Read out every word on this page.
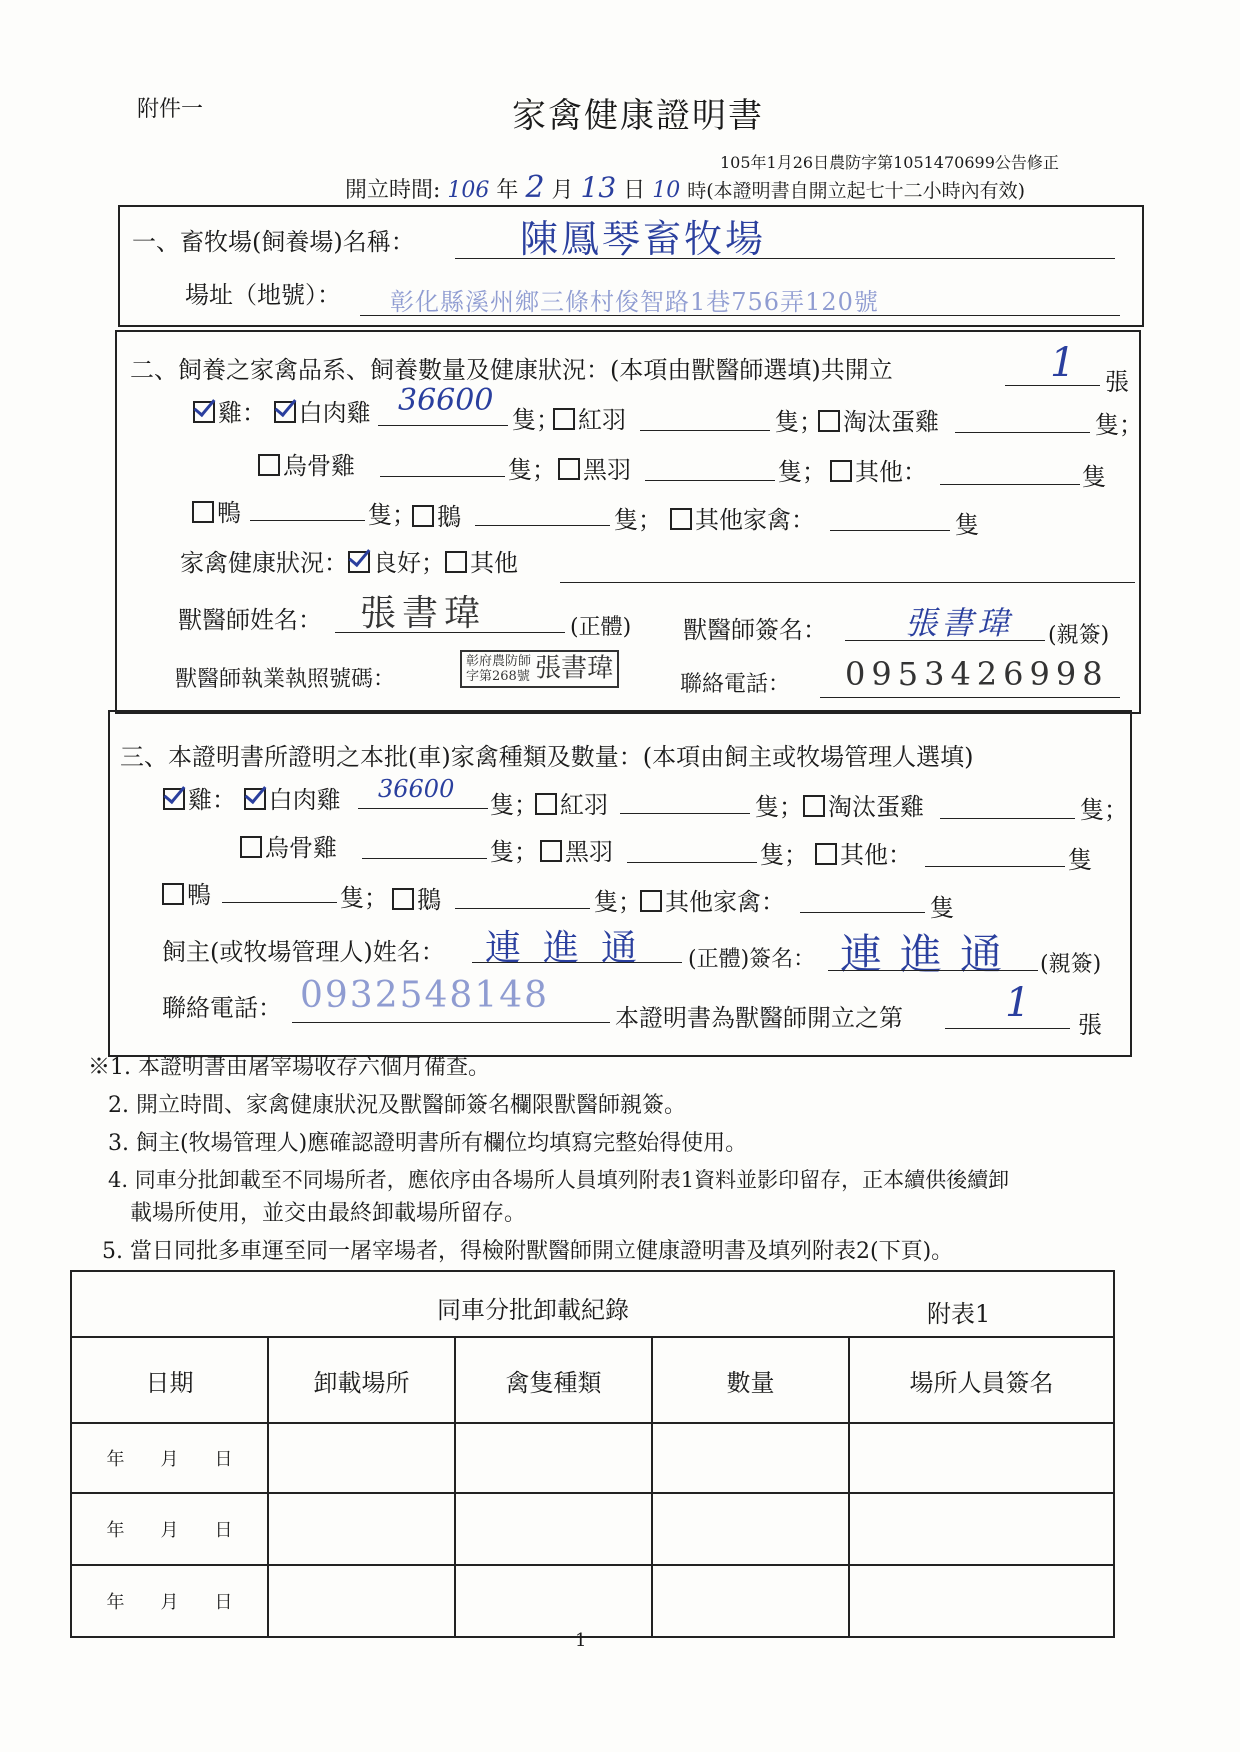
附件一	家禽健康證明書
105年1月26日農防字第1051470699公告修正
開立時間: 106 年 2 月 13 日 10 時(本證明書自開立起七十二小時內有效)
一、畜牧場(飼養場)名稱：	陳鳳琴畜牧場
場址（地號）： 彰化縣溪州鄉三條村俊智路1巷756弄120號
二、飼養之家禽品系、飼養數量及健康狀況：(本項由獸醫師選填)共開立	1 張
雞： 白肉雞 36600
隻； 紅羽	隻； 淘汰蛋雞	隻；
烏骨雞	隻；	黑羽	隻；	其他：	隻
鴨	隻； 鵝	隻；	其他家禽：	隻
家禽健康狀況： 良好； 其他
獸醫師姓名： 張書瑋	(正體) 獸醫師簽名： 張書瑋 (親簽)
獸醫師執業執照號碼：
彰府農防師
字第268號 張書瑋
聯絡電話： 0953426998
三、本證明書所證明之本批(車)家禽種類及數量：(本項由飼主或牧場管理人選填)
雞： 白肉雞 36600
隻； 紅羽	隻；	淘汰蛋雞	隻；
烏骨雞	隻；	黑羽	隻；	其他：	隻
鴨	隻；	鵝	隻； 其他家禽：	隻
飼主(或牧場管理人)姓名： 連進通 (正體)簽名： 連進通 (親簽)
聯絡電話： 0932548148
本證明書為獸醫師開立之第	1 張
※1. 本證明書由屠宰場收存六個月備查。
2. 開立時間、家禽健康狀況及獸醫師簽名欄限獸醫師親簽。
3. 飼主(牧場管理人)應確認證明書所有欄位均填寫完整始得使用。
4. 同車分批卸載至不同場所者，應依序由各場所人員填列附表1資料並影印留存，正本續供後續卸
載場所使用，並交由最終卸載場所留存。
5. 當日同批多車運至同一屠宰場者，得檢附獸醫師開立健康證明書及填列附表2(下頁)。
同車分批卸載紀錄 附表1				

日期	卸載場所	禽隻種類	數量	場所人員簽名
年　　月　　日				
年　　月　　日				
年　　月　　日				
1
